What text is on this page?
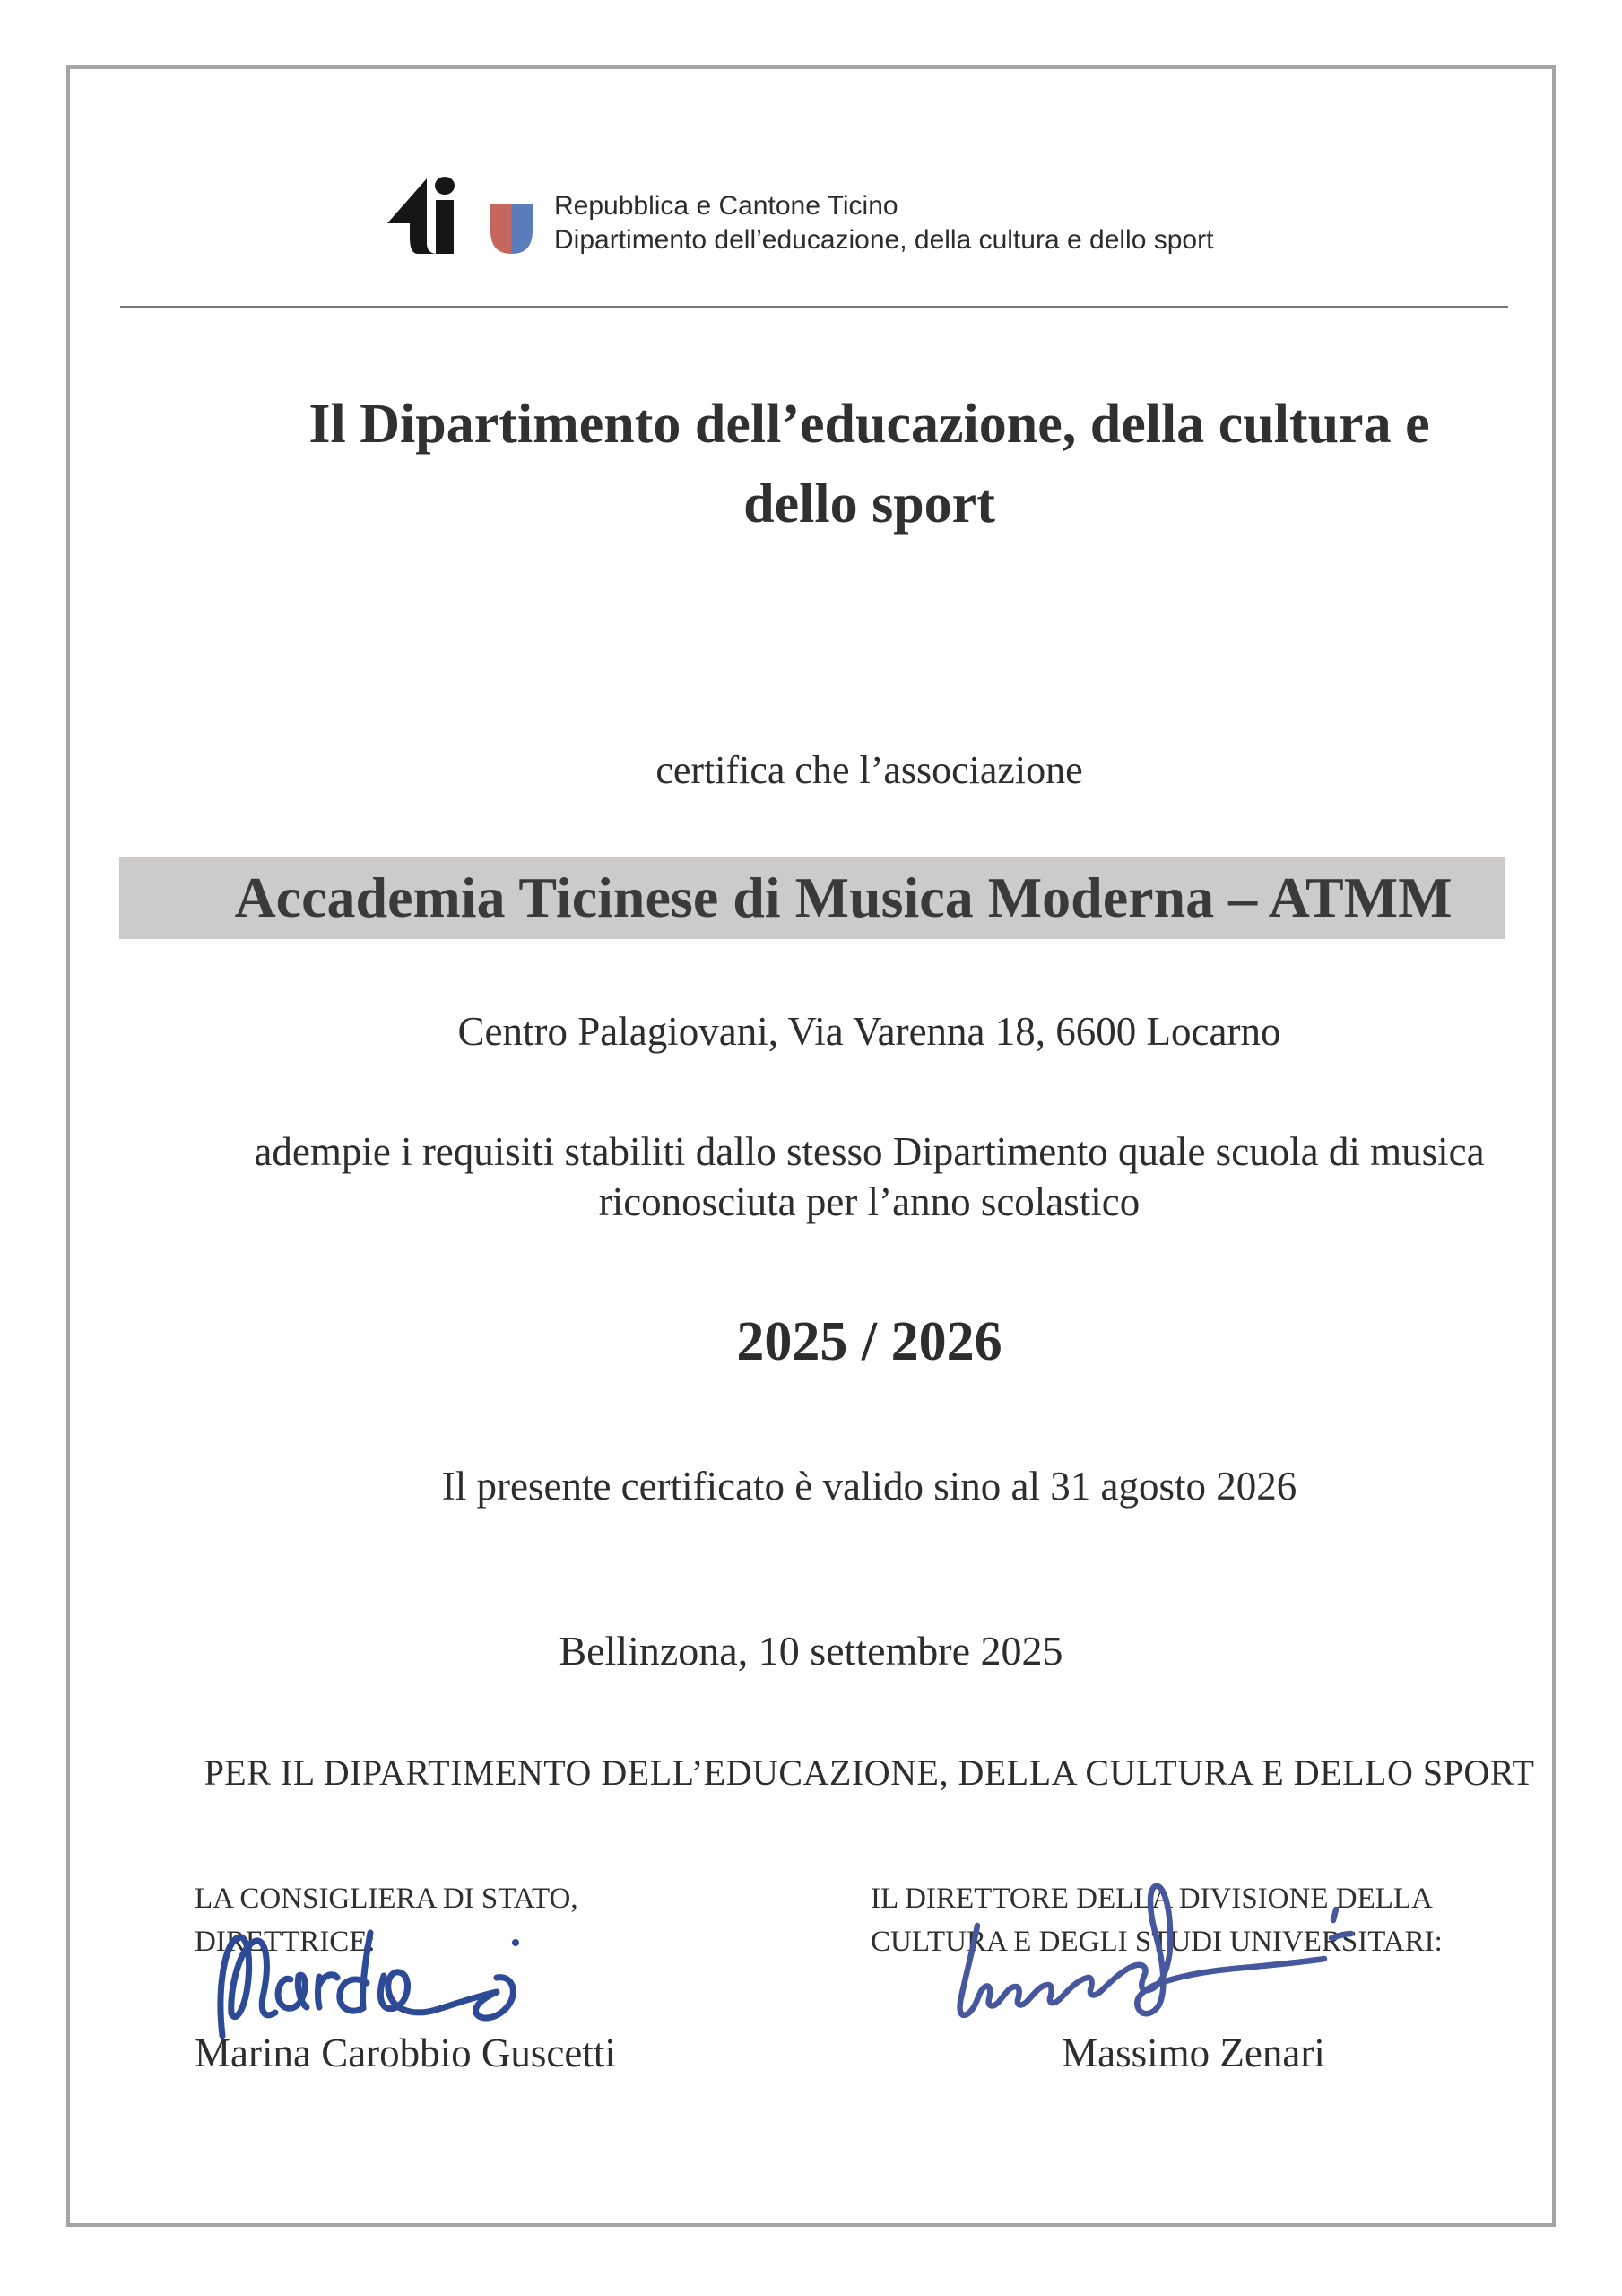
Repubblica e Cantone Ticino
Dipartimento dell’educazione, della cultura e dello sport
Il Dipartimento dell’educazione, della cultura e
dello sport
certifica che l’associazione
Accademia Ticinese di Musica Moderna – ATMM
Centro Palagiovani, Via Varenna 18, 6600 Locarno
adempie i requisiti stabiliti dallo stesso Dipartimento quale scuola di musica
riconosciuta per l’anno scolastico
2025 / 2026
Il presente certificato è valido sino al 31 agosto 2026
Bellinzona, 10 settembre 2025
PER IL DIPARTIMENTO DELL’EDUCAZIONE, DELLA CULTURA E DELLO SPORT
LA CONSIGLIERA DI STATO,
DIRETTRICE:
Marina Carobbio Guscetti
IL DIRETTORE DELLA DIVISIONE DELLA
CULTURA E DEGLI STUDI UNIVERSITARI:
Massimo Zenari
